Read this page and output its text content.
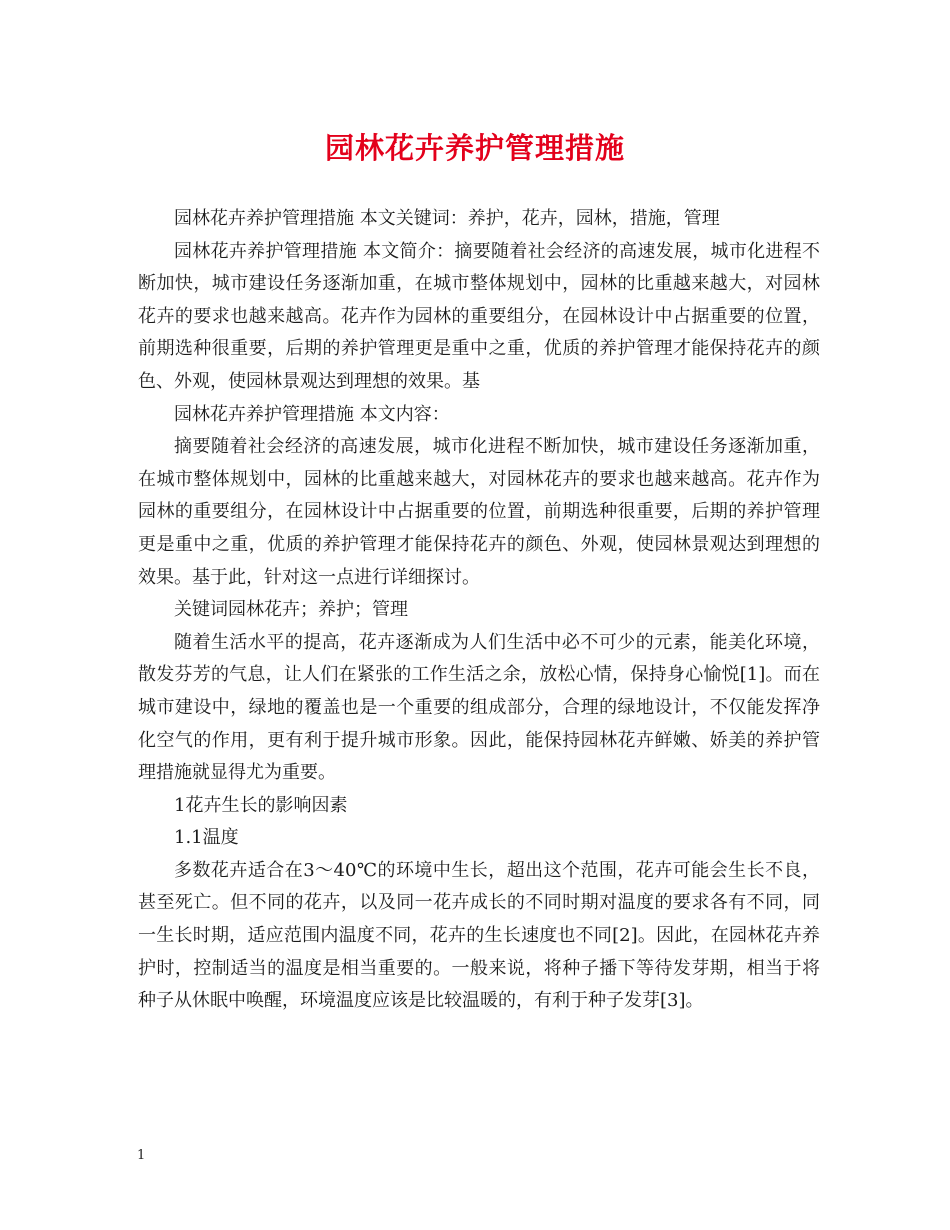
园林花卉养护管理措施

园林花卉养护管理措施 本文关键词：养护，花卉，园林，措施，管理

园林花卉养护管理措施 本文简介：摘要随着社会经济的高速发展，城市化进程不断加快，城市建设任务逐渐加重，在城市整体规划中，园林的比重越来越大，对园林花卉的要求也越来越高。花卉作为园林的重要组分，在园林设计中占据重要的位置，前期选种很重要，后期的养护管理更是重中之重，优质的养护管理才能保持花卉的颜色、外观，使园林景观达到理想的效果。基

园林花卉养护管理措施 本文内容：

摘要随着社会经济的高速发展，城市化进程不断加快，城市建设任务逐渐加重，在城市整体规划中，园林的比重越来越大，对园林花卉的要求也越来越高。花卉作为园林的重要组分，在园林设计中占据重要的位置，前期选种很重要，后期的养护管理更是重中之重，优质的养护管理才能保持花卉的颜色、外观，使园林景观达到理想的效果。基于此，针对这一点进行详细探讨。

关键词园林花卉；养护；管理

随着生活水平的提高，花卉逐渐成为人们生活中必不可少的元素，能美化环境，散发芬芳的气息，让人们在紧张的工作生活之余，放松心情，保持身心愉悦[1]。而在城市建设中，绿地的覆盖也是一个重要的组成部分，合理的绿地设计，不仅能发挥净化空气的作用，更有利于提升城市形象。因此，能保持园林花卉鲜嫩、娇美的养护管理措施就显得尤为重要。

1花卉生长的影响因素

1.1温度

多数花卉适合在3～40℃的环境中生长，超出这个范围，花卉可能会生长不良，甚至死亡。但不同的花卉，以及同一花卉成长的不同时期对温度的要求各有不同，同一生长时期，适应范围内温度不同，花卉的生长速度也不同[2]。因此，在园林花卉养护时，控制适当的温度是相当重要的。一般来说，将种子播下等待发芽期，相当于将种子从休眠中唤醒，环境温度应该是比较温暖的，有利于种子发芽[3]。

1
